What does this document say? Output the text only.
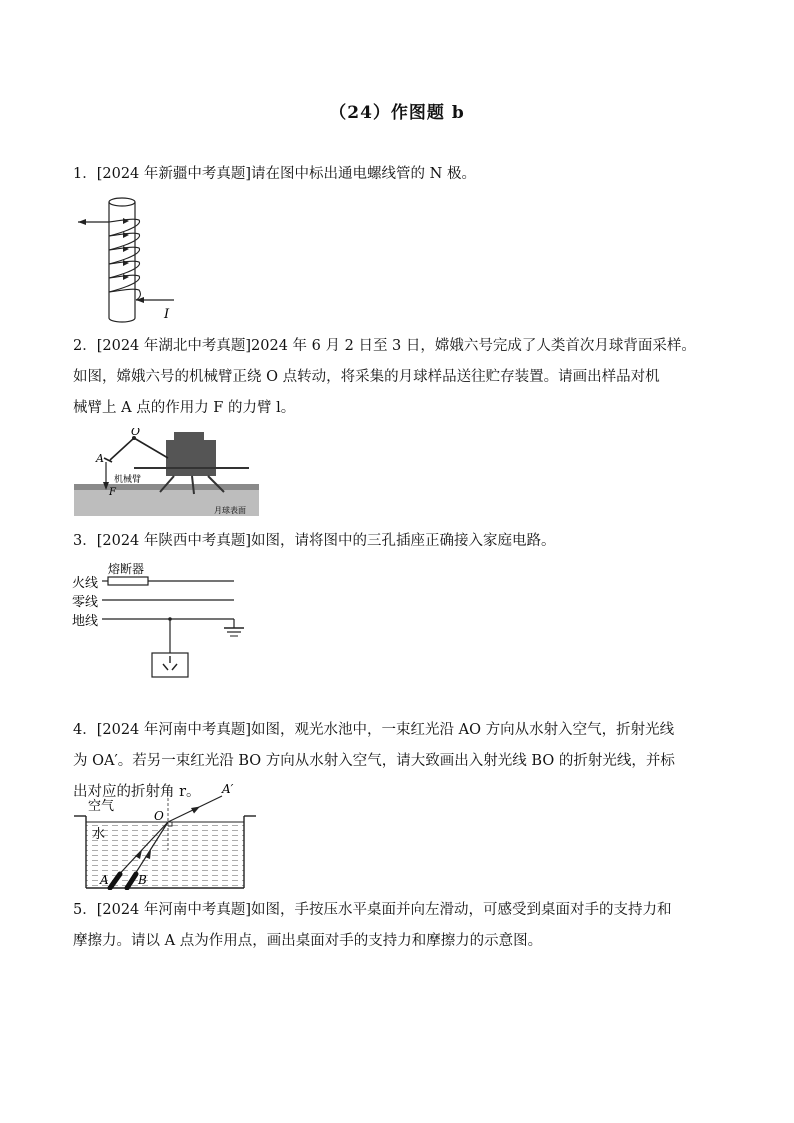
（24）作图题 b
1．[2024 年新疆中考真题]请在图中标出通电螺线管的 N 极。
I
2．[2024 年湖北中考真题]2024 年 6 月 2 日至 3 日，嫦娥六号完成了人类首次月球背面采样。
如图，嫦娥六号的机械臂正绕 O 点转动，将采集的月球样品送往贮存装置。请画出样品对机
械臂上 A 点的作用力 F 的力臂 l。
O
A
F
机械臂
月球表面
3．[2024 年陕西中考真题]如图，请将图中的三孔插座正确接入家庭电路。
火线
零线
地线
熔断器
4．[2024 年河南中考真题]如图，观光水池中，一束红光沿 AO 方向从水射入空气，折射光线
为 OA′。若另一束红光沿 BO 方向从水射入空气，请大致画出入射光线 BO 的折射光线，并标
出对应的折射角 r。
空气
水
O
A′
A B
5．[2024 年河南中考真题]如图，手按压水平桌面并向左滑动，可感受到桌面对手的支持力和
摩擦力。请以 A 点为作用点，画出桌面对手的支持力和摩擦力的示意图。
